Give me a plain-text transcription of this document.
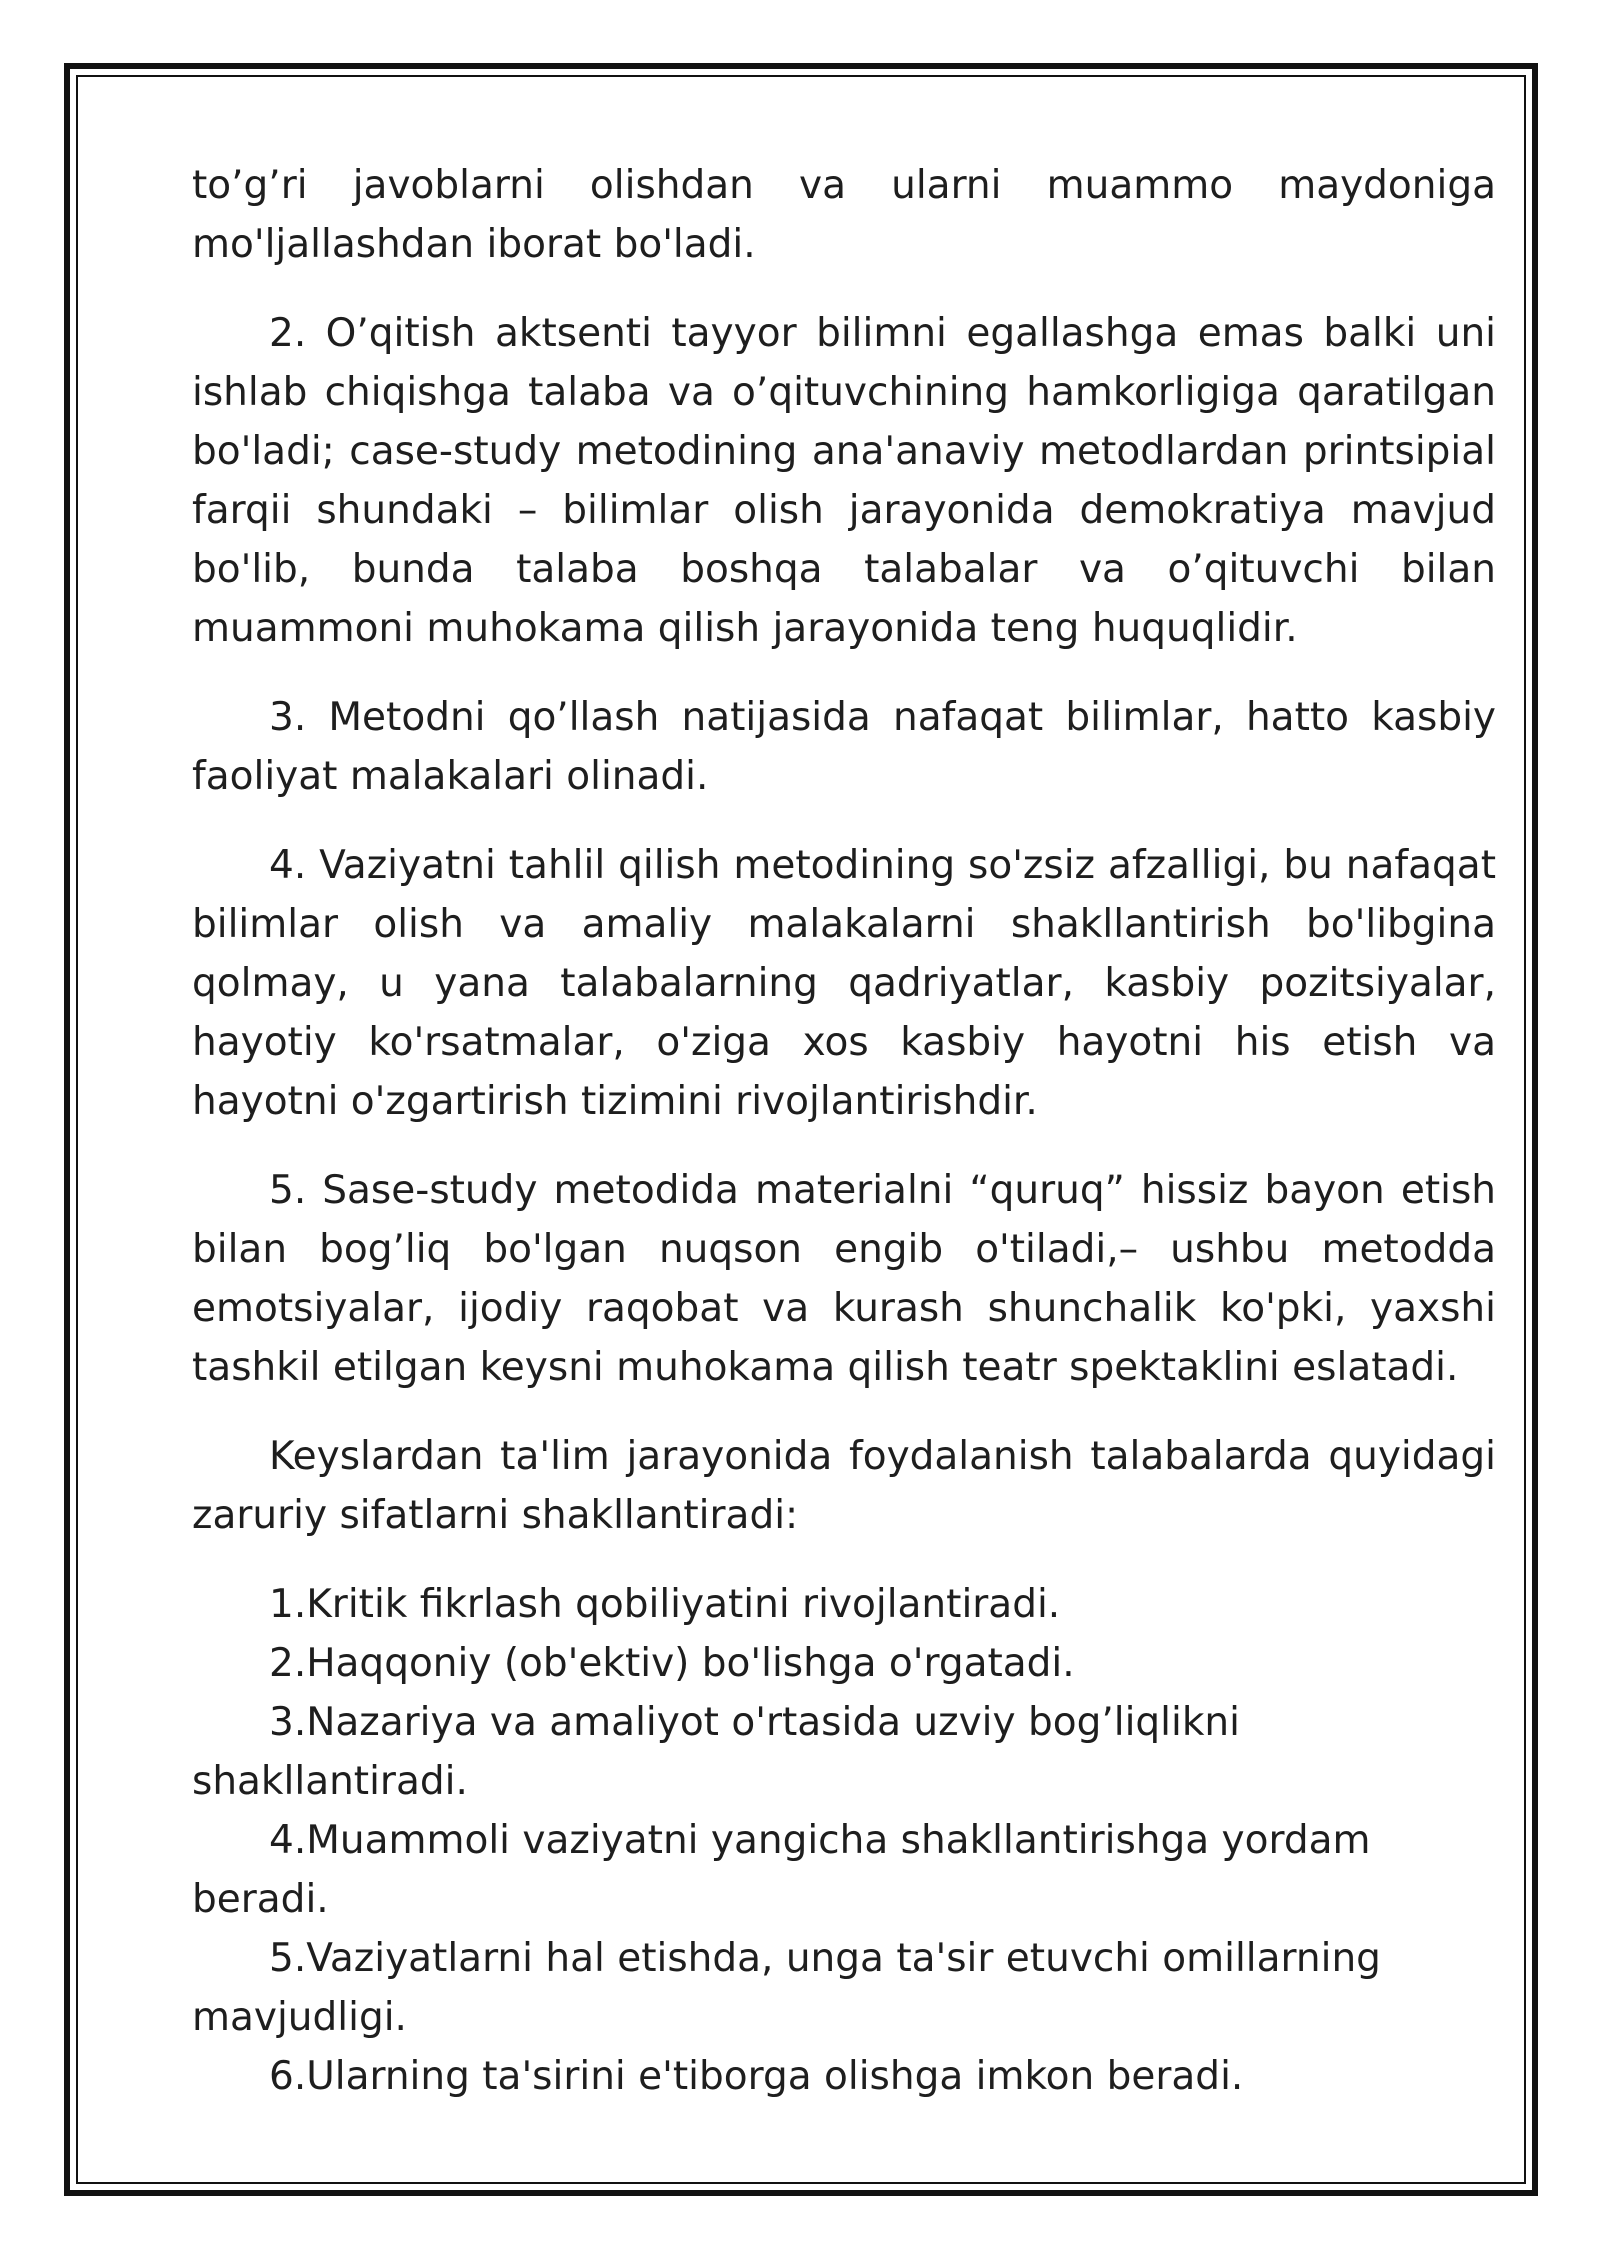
to’g’ri javoblarni olishdan va ularni muammo maydoniga mo'ljallashdan iborat bo'ladi.

2. O’qitish aktsenti tayyor bilimni egallashga emas balki uni ishlab chiqishga talaba va o’qituvchining hamkorligiga qaratilgan bo'ladi; case-study metodining ana'anaviy metodlardan printsipial farqii shundaki – bilimlar olish jarayonida demokratiya mavjud bo'lib, bunda talaba boshqa talabalar va o’qituvchi bilan muammoni muhokama qilish jarayonida teng huquqlidir.

3. Metodni qo’llash natijasida nafaqat bilimlar, hatto kasbiy faoliyat malakalari olinadi.

4. Vaziyatni tahlil qilish metodining so'zsiz afzalligi, bu nafaqat bilimlar olish va amaliy malakalarni shakllantirish bo'libgina qolmay, u yana talabalarning qadriyatlar, kasbiy pozitsiyalar, hayotiy ko'rsatmalar, o'ziga xos kasbiy hayotni his etish va hayotni o'zgartirish tizimini rivojlantirishdir.

5. Sase-study metodida materialni “quruq” hissiz bayon etish bilan bog’liq bo'lgan nuqson engib o'tiladi,– ushbu metodda emotsiyalar, ijodiy raqobat va kurash shunchalik ko'pki, yaxshi tashkil etilgan keysni muhokama qilish teatr spektaklini eslatadi.

Keyslardan ta'lim jarayonida foydalanish talabalarda quyidagi zaruriy sifatlarni shakllantiradi:

1.Kritik fikrlash qobiliyatini rivojlantiradi.

2.Haqqoniy (ob'ektiv) bo'lishga o'rgatadi.

3.Nazariya va amaliyot o'rtasida uzviy bog’liqlikni shakllantiradi.

4.Muammoli vaziyatni yangicha shakllantirishga yordam beradi.

5.Vaziyatlarni hal etishda, unga ta'sir etuvchi omillarning mavjudligi.

6.Ularning ta'sirini e'tiborga olishga imkon beradi.
